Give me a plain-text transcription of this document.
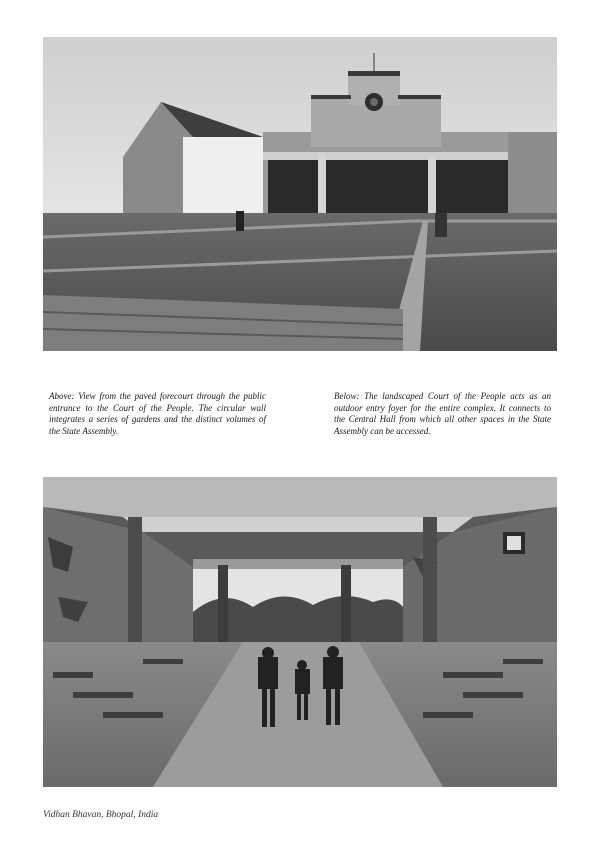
Above: View from the paved forecourt through the public entrance to the Court of the People. The circular wall integrates a series of gardens and the distinct volumes of the State Assembly.

Below: The landscaped Court of the People acts as an outdoor entry foyer for the entire complex. It connects to the Central Hall from which all other spaces in the State Assembly can be accessed.

Vidhan Bhavan, Bhopal, India
